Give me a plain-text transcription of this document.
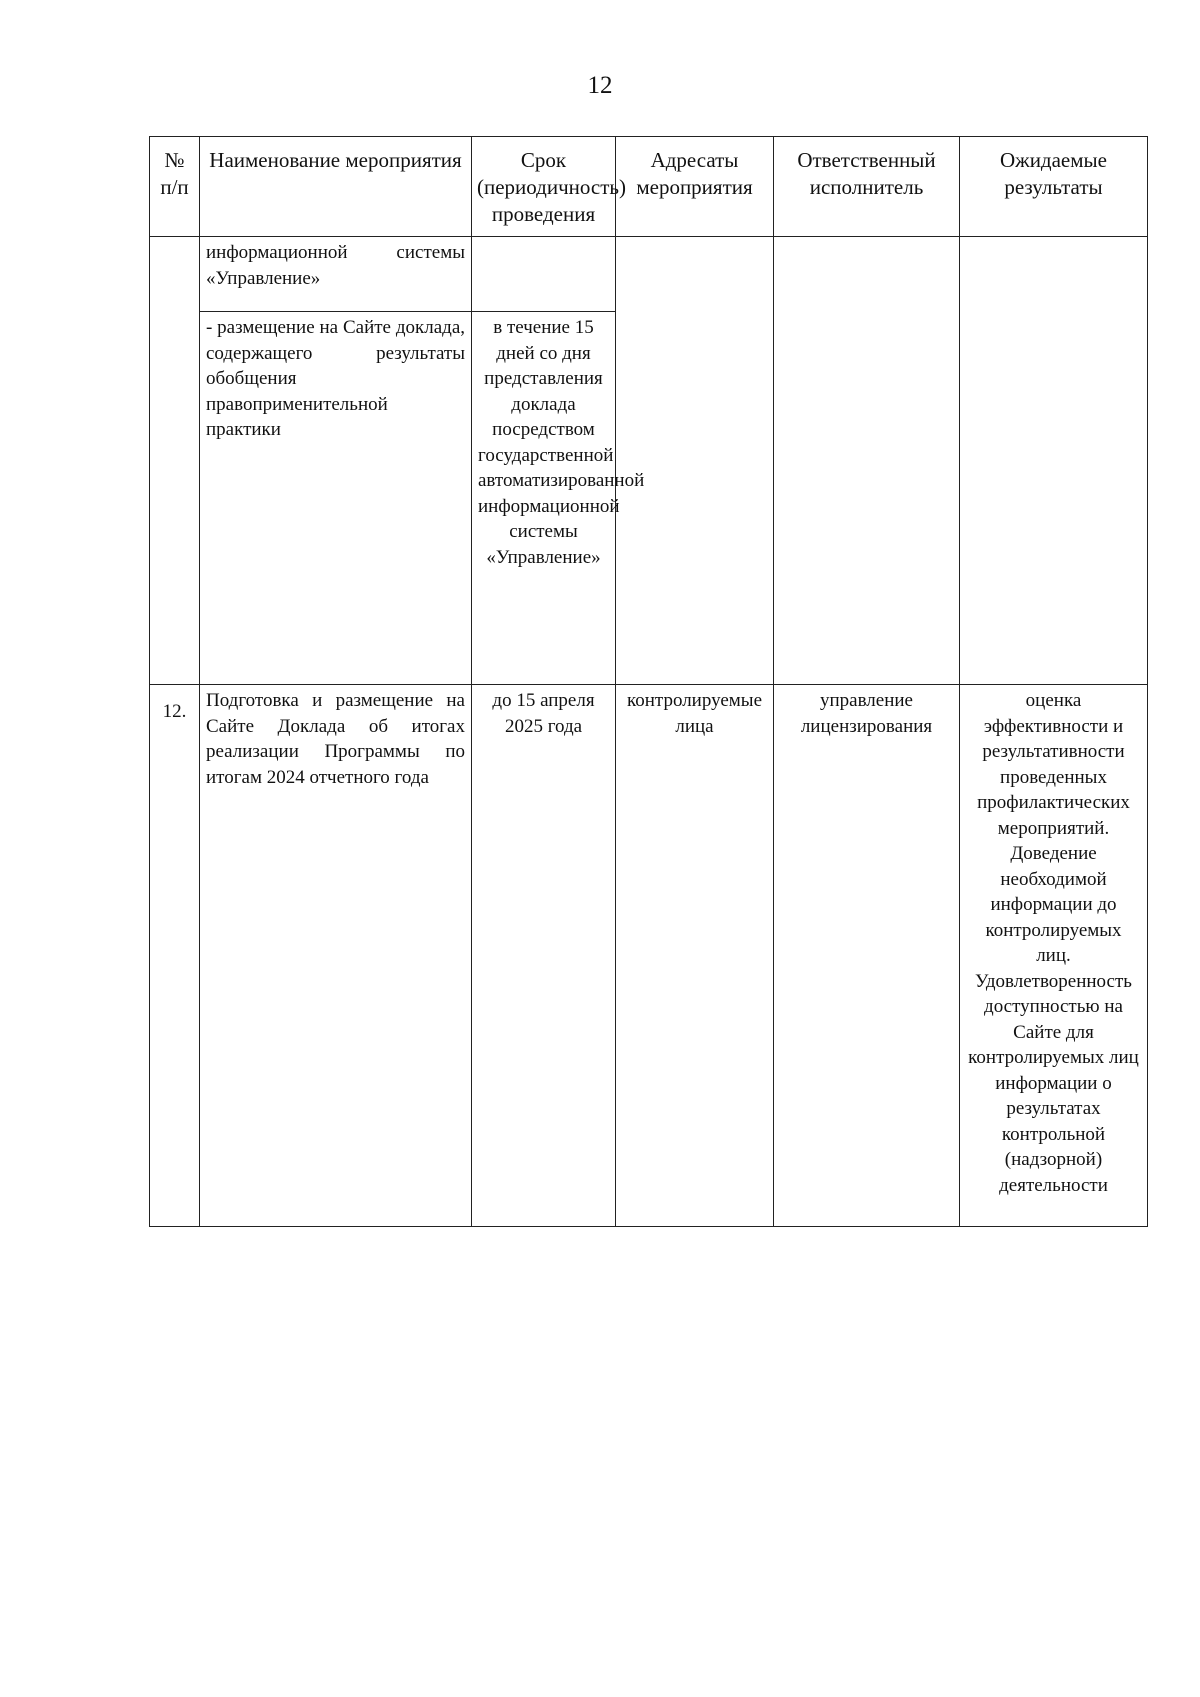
12
№ п/п	Наименование мероприятия	Срок (периодичность) проведения	Адресаты мероприятия	Ответственный исполнитель	Ожидаемые результаты
	информационной системы «Управление»				
	- размещение на Сайте доклада, содержащего результаты обобщения правоприменительной практики	в течение 15 дней со дня представления доклада посредством государственной автоматизированной информационной системы «Управление»			
12.	Подготовка и размещение на Сайте Доклада об итогах реализации Программы по итогам 2024 отчетного года	до 15 апреля 2025 года	контролируемые лица	управление лицензирования	оценка эффективности и результативности проведенных профилактических мероприятий. Доведение необходимой информации до контролируемых лиц. Удовлетворенность доступностью на Сайте для контролируемых лиц информации о результатах контрольной (надзорной) деятельности
